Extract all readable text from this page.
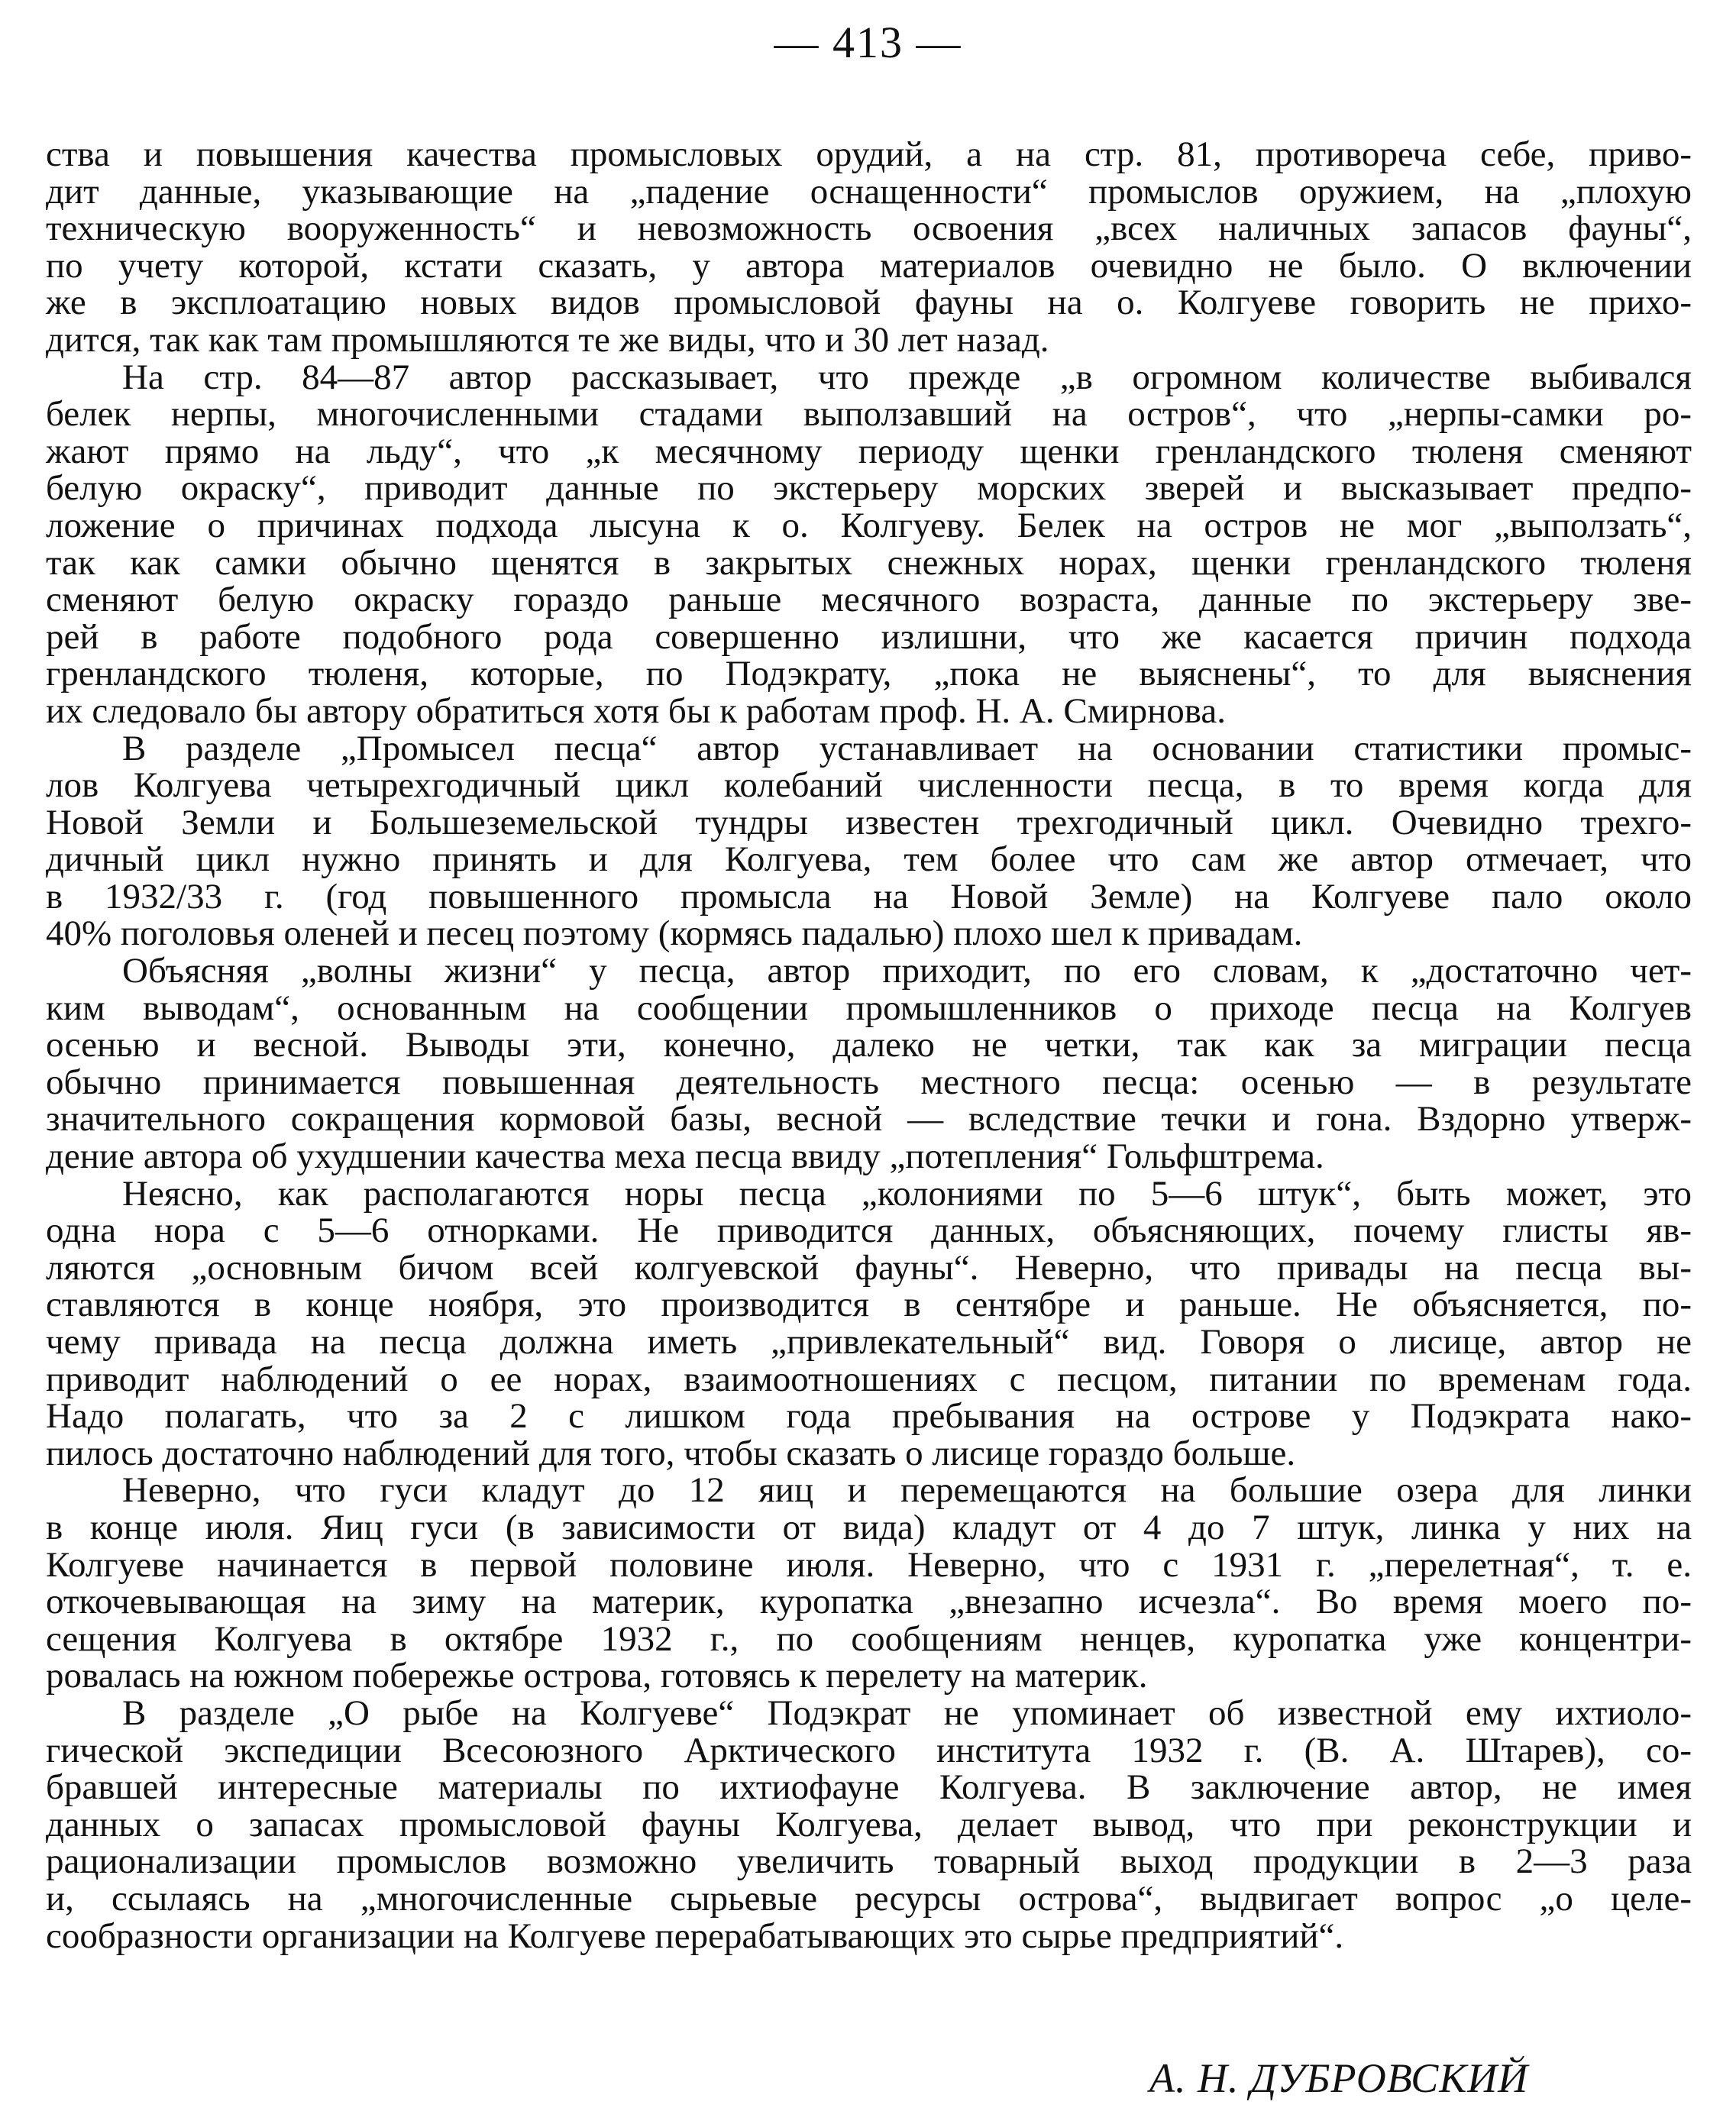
— 413 —
ства и повышения качества промысловых орудий, а на стр. 81, противореча себе, приво-
дит данные, указывающие на „падение оснащенности“ промыслов оружием, на „плохую
техническую вооруженность“ и невозможность освоения „всех наличных запасов фауны“,
по учету которой, кстати сказать, у автора материалов очевидно не было. О включении
же в эксплоатацию новых видов промысловой фауны на о. Колгуеве говорить не прихо-
дится, так как там промышляются те же виды, что и 30 лет назад.
На стр. 84—87 автор рассказывает, что прежде „в огромном количестве выбивался
белек нерпы, многочисленными стадами выползавший на остров“, что „нерпы-самки ро-
жают прямо на льду“, что „к месячному периоду щенки гренландского тюленя сменяют
белую окраску“, приводит данные по экстерьеру морских зверей и высказывает предпо-
ложение о причинах подхода лысуна к о. Колгуеву. Белек на остров не мог „выползать“,
так как самки обычно щенятся в закрытых снежных норах, щенки гренландского тюленя
сменяют белую окраску гораздо раньше месячного возраста, данные по экстерьеру зве-
рей в работе подобного рода совершенно излишни, что же касается причин подхода
гренландского тюленя, которые, по Подэкрату, „пока не выяснены“, то для выяснения
их следовало бы автору обратиться хотя бы к работам проф. Н. А. Смирнова.
В разделе „Промысел песца“ автор устанавливает на основании статистики промыс-
лов Колгуева четырехгодичный цикл колебаний численности песца, в то время когда для
Новой Земли и Большеземельской тундры известен трехгодичный цикл. Очевидно трехго-
дичный цикл нужно принять и для Колгуева, тем более что сам же автор отмечает, что
в 1932/33 г. (год повышенного промысла на Новой Земле) на Колгуеве пало около
40% поголовья оленей и песец поэтому (кормясь падалью) плохо шел к привадам.
Объясняя „волны жизни“ у песца, автор приходит, по его словам, к „достаточно чет-
ким выводам“, основанным на сообщении промышленников о приходе песца на Колгуев
осенью и весной. Выводы эти, конечно, далеко не четки, так как за миграции песца
обычно принимается повышенная деятельность местного песца: осенью — в результате
значительного сокращения кормовой базы, весной — вследствие течки и гона. Вздорно утверж-
дение автора об ухудшении качества меха песца ввиду „потепления“ Гольфштрема.
Неясно, как располагаются норы песца „колониями по 5—6 штук“, быть может, это
одна нора с 5—6 отнорками. Не приводится данных, объясняющих, почему глисты яв-
ляются „основным бичом всей колгуевской фауны“. Неверно, что привады на песца вы-
ставляются в конце ноября, это производится в сентябре и раньше. Не объясняется, по-
чему привада на песца должна иметь „привлекательный“ вид. Говоря о лисице, автор не
приводит наблюдений о ее норах, взаимоотношениях с песцом, питании по временам года.
Надо полагать, что за 2 с лишком года пребывания на острове у Подэкрата нако-
пилось достаточно наблюдений для того, чтобы сказать о лисице гораздо больше.
Неверно, что гуси кладут до 12 яиц и перемещаются на большие озера для линки
в конце июля. Яиц гуси (в зависимости от вида) кладут от 4 до 7 штук, линка у них на
Колгуеве начинается в первой половине июля. Неверно, что с 1931 г. „перелетная“, т. е.
откочевывающая на зиму на материк, куропатка „внезапно исчезла“. Во время моего по-
сещения Колгуева в октябре 1932 г., по сообщениям ненцев, куропатка уже концентри-
ровалась на южном побережье острова, готовясь к перелету на материк.
В разделе „О рыбе на Колгуеве“ Подэкрат не упоминает об известной ему ихтиоло-
гической экспедиции Всесоюзного Арктического института 1932 г. (В. А. Штарев), со-
бравшей интересные материалы по ихтиофауне Колгуева. В заключение автор, не имея
данных о запасах промысловой фауны Колгуева, делает вывод, что при реконструкции и
рационализации промыслов возможно увеличить товарный выход продукции в 2—3 раза
и, ссылаясь на „многочисленные сырьевые ресурсы острова“, выдвигает вопрос „о целе-
сообразности организации на Колгуеве перерабатывающих это сырье предприятий“.
А. Н. ДУБРОВСКИЙ
